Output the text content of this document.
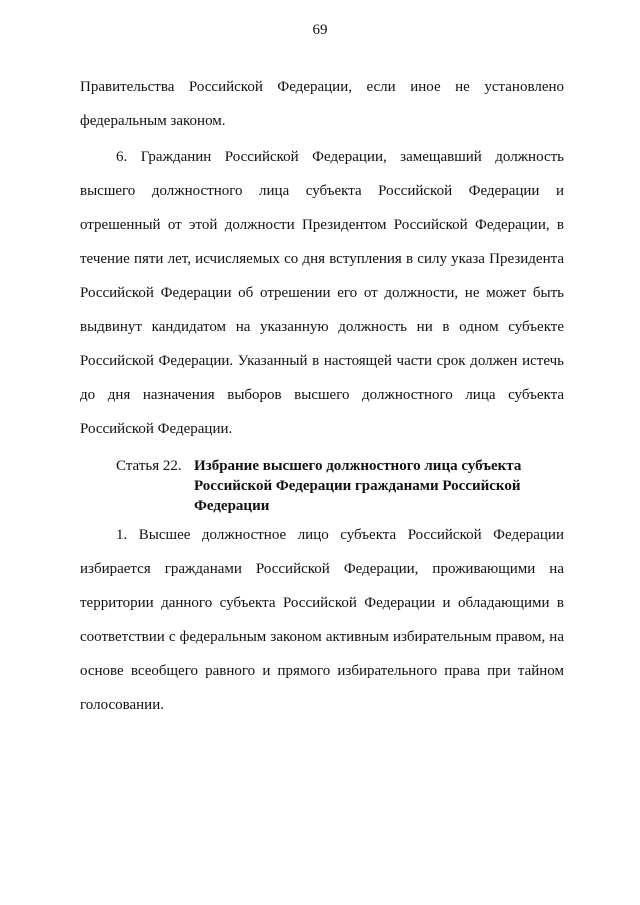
69

Правительства Российской Федерации, если иное не установлено федеральным законом.

6. Гражданин Российской Федерации, замещавший должность высшего должностного лица субъекта Российской Федерации и отрешенный от этой должности Президентом Российской Федерации, в течение пяти лет, исчисляемых со дня вступления в силу указа Президента Российской Федерации об отрешении его от должности, не может быть выдвинут кандидатом на указанную должность ни в одном субъекте Российской Федерации. Указанный в настоящей части срок должен истечь до дня назначения выборов высшего должностного лица субъекта Российской Федерации.

Статья 22. Избрание высшего должностного лица субъекта Российской Федерации гражданами Российской Федерации

1. Высшее должностное лицо субъекта Российской Федерации избирается гражданами Российской Федерации, проживающими на территории данного субъекта Российской Федерации и обладающими в соответствии с федеральным законом активным избирательным правом, на основе всеобщего равного и прямого избирательного права при тайном голосовании.
